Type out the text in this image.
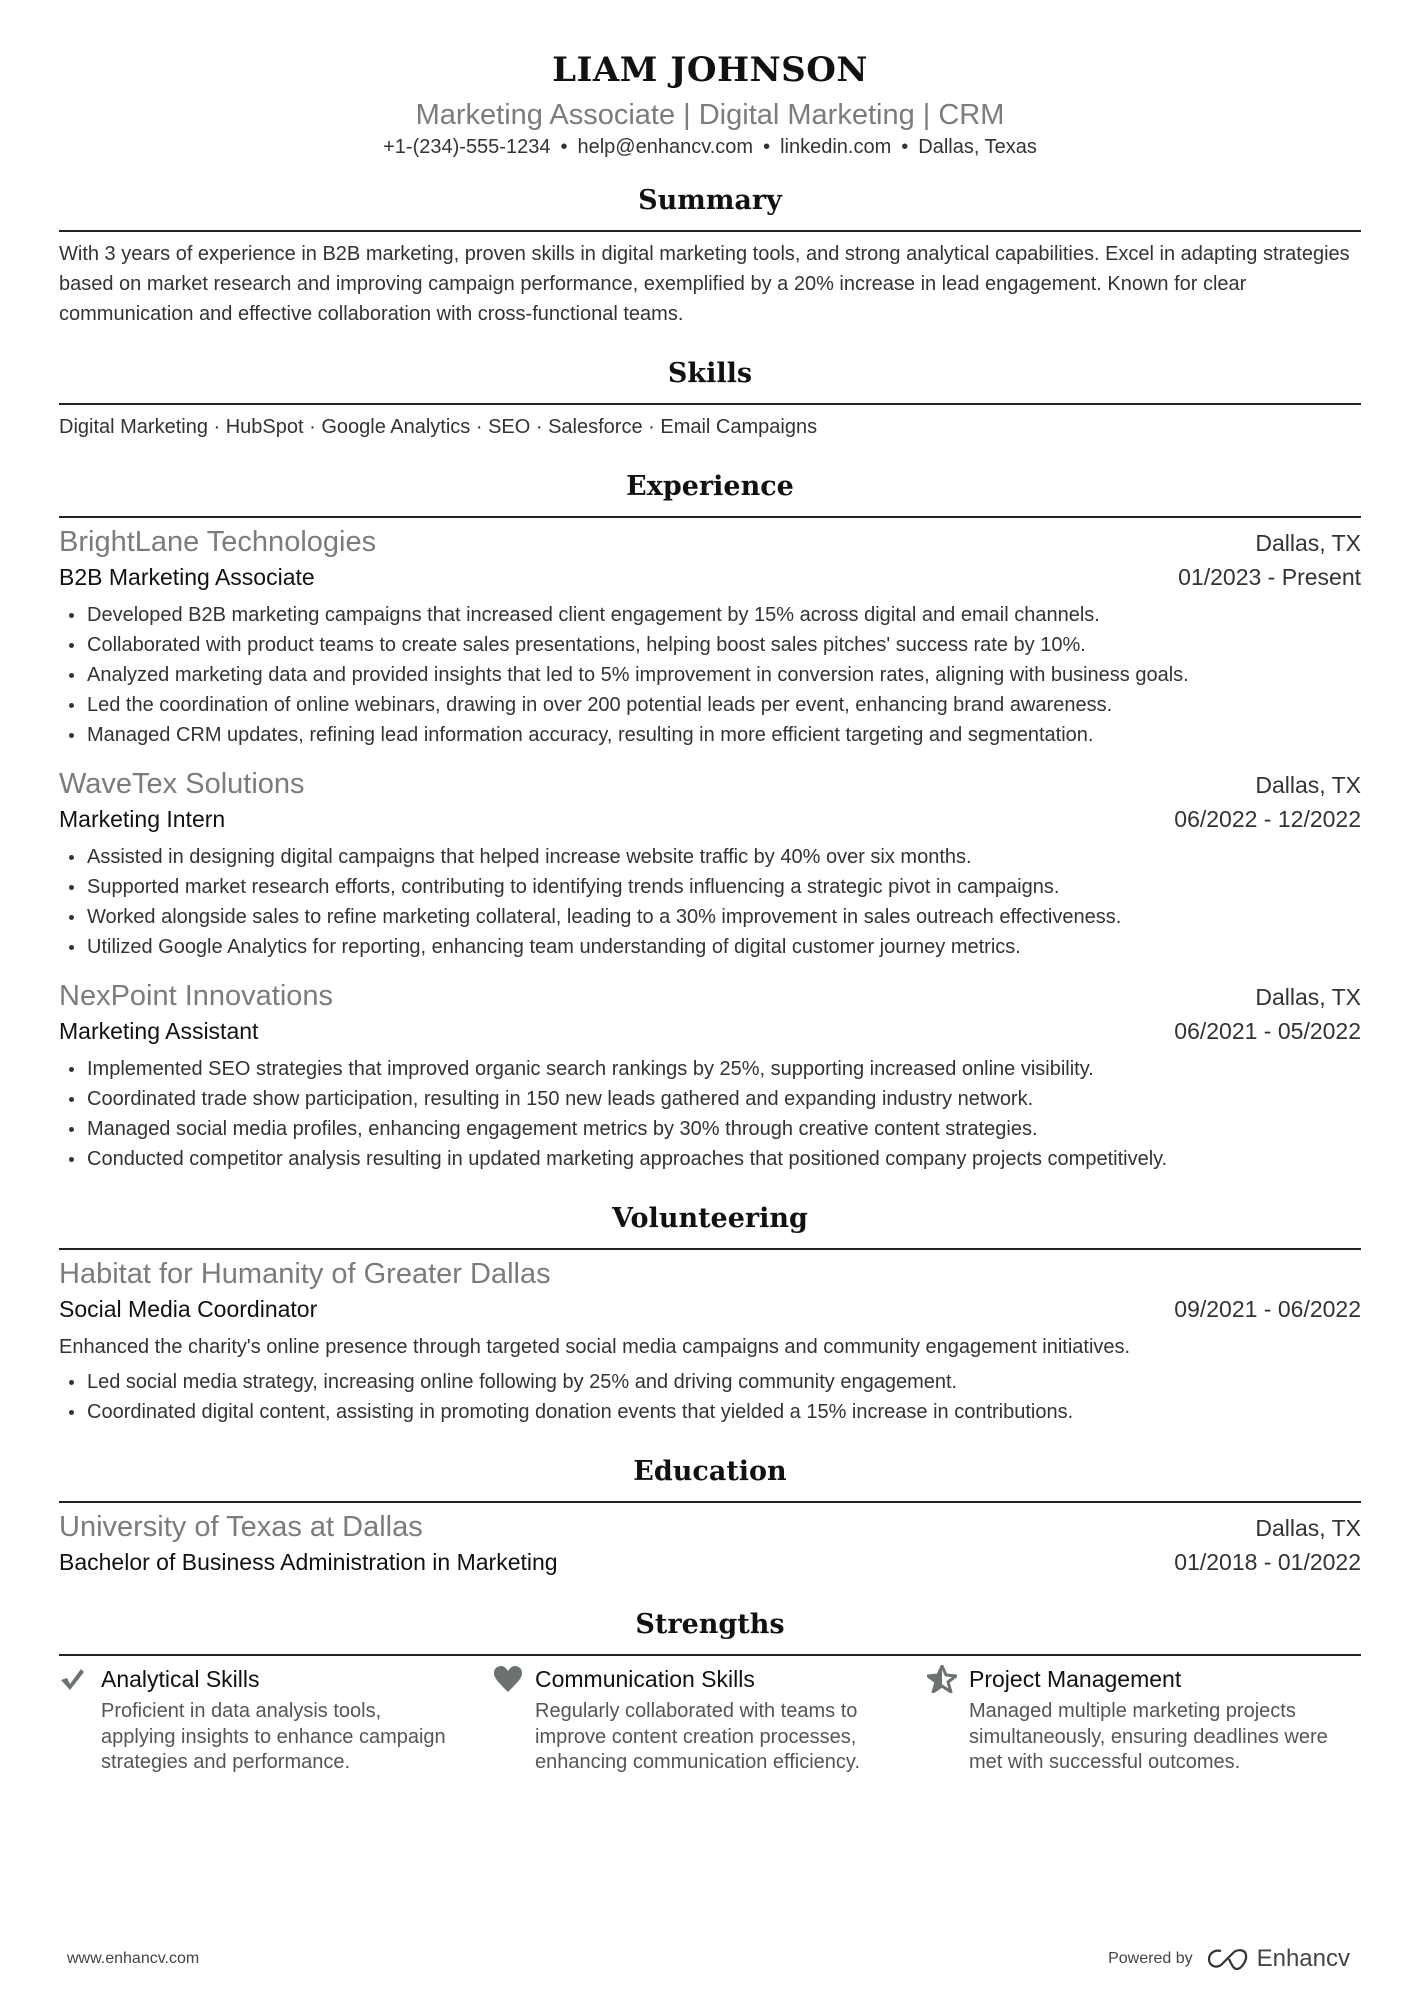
LIAM JOHNSON
Marketing Associate | Digital Marketing | CRM
+1-(234)-555-1234 • help@enhancv.com • linkedin.com • Dallas, Texas
Summary

With 3 years of experience in B2B marketing, proven skills in digital marketing tools, and strong analytical capabilities. Excel in adapting strategies based on market research and improving campaign performance, exemplified by a 20% increase in lead engagement. Known for clear communication and effective collaboration with cross-functional teams.

Skills

Digital Marketing · HubSpot · Google Analytics · SEO · Salesforce · Email Campaigns

Experience
BrightLane Technologies	Dallas, TX
B2B Marketing Associate	01/2023 - Present
Developed B2B marketing campaigns that increased client engagement by 15% across digital and email channels.
Collaborated with product teams to create sales presentations, helping boost sales pitches' success rate by 10%.
Analyzed marketing data and provided insights that led to 5% improvement in conversion rates, aligning with business goals.
Led the coordination of online webinars, drawing in over 200 potential leads per event, enhancing brand awareness.
Managed CRM updates, refining lead information accuracy, resulting in more efficient targeting and segmentation.
WaveTex Solutions	Dallas, TX
Marketing Intern	06/2022 - 12/2022
Assisted in designing digital campaigns that helped increase website traffic by 40% over six months.
Supported market research efforts, contributing to identifying trends influencing a strategic pivot in campaigns.
Worked alongside sales to refine marketing collateral, leading to a 30% improvement in sales outreach effectiveness.
Utilized Google Analytics for reporting, enhancing team understanding of digital customer journey metrics.
NexPoint Innovations	Dallas, TX
Marketing Assistant	06/2021 - 05/2022
Implemented SEO strategies that improved organic search rankings by 25%, supporting increased online visibility.
Coordinated trade show participation, resulting in 150 new leads gathered and expanding industry network.
Managed social media profiles, enhancing engagement metrics by 30% through creative content strategies.
Conducted competitor analysis resulting in updated marketing approaches that positioned company projects competitively.
Volunteering
Habitat for Humanity of Greater Dallas
Social Media Coordinator	09/2021 - 06/2022

Enhanced the charity's online presence through targeted social media campaigns and community engagement initiatives.

Led social media strategy, increasing online following by 25% and driving community engagement.
Coordinated digital content, assisting in promoting donation events that yielded a 15% increase in contributions.
Education
University of Texas at Dallas	Dallas, TX
Bachelor of Business Administration in Marketing	01/2018 - 01/2022
Strengths
Analytical Skills
Proficient in data analysis tools, applying insights to enhance campaign strategies and performance.
Communication Skills
Regularly collaborated with teams to improve content creation processes, enhancing communication efficiency.
Project Management
Managed multiple marketing projects simultaneously, ensuring deadlines were met with successful outcomes.
www.enhancv.com	Powered by	Enhancv
